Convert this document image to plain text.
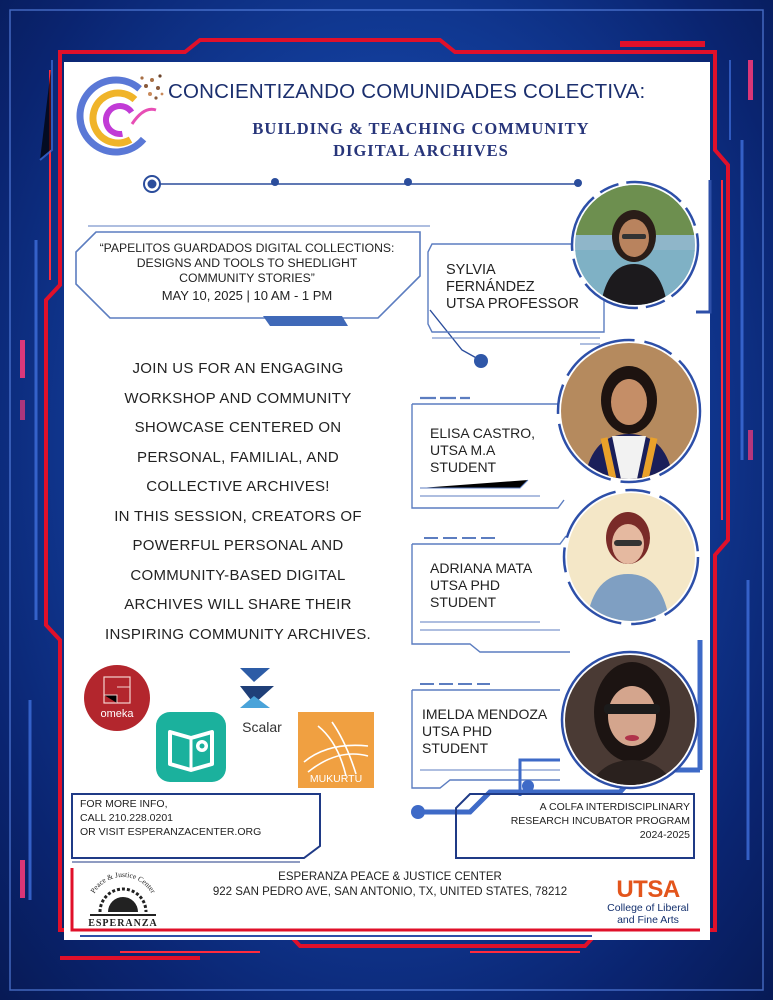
CONCIENTIZANDO COMUNIDADES COLECTIVA:
BUILDING & TEACHING COMMUNITY
DIGITAL ARCHIVES
“PAPELITOS GUARDADOS DIGITAL COLLECTIONS:
DESIGNS AND TOOLS TO SHEDLIGHT
COMMUNITY STORIES”
MAY 10, 2025 | 10 AM - 1 PM
JOIN US FOR AN ENGAGING
WORKSHOP AND COMMUNITY
SHOWCASE CENTERED ON
PERSONAL, FAMILIAL, AND
COLLECTIVE ARCHIVES!
IN THIS SESSION, CREATORS OF
POWERFUL PERSONAL AND
COMMUNITY-BASED DIGITAL
ARCHIVES WILL SHARE THEIR
INSPIRING COMMUNITY ARCHIVES.
SYLVIA
FERNÁNDEZ
UTSA PROFESSOR
ELISA CASTRO,
UTSA M.A
STUDENT
ADRIANA MATA
UTSA PHD
STUDENT
IMELDA MENDOZA
UTSA PHD
STUDENT
omeka
Scalar
MUKURTU
FOR MORE INFO,
CALL 210.228.0201
OR VISIT ESPERANZACENTER.ORG
A COLFA INTERDISCIPLINARY
RESEARCH INCUBATOR PROGRAM
2024-2025
ESPERANZA PEACE & JUSTICE CENTER
922 SAN PEDRO AVE, SAN ANTONIO, TX, UNITED STATES, 78212
Peace & Justice Center
ESPERANZA
UTSA
College of Liberal
and Fine Arts
